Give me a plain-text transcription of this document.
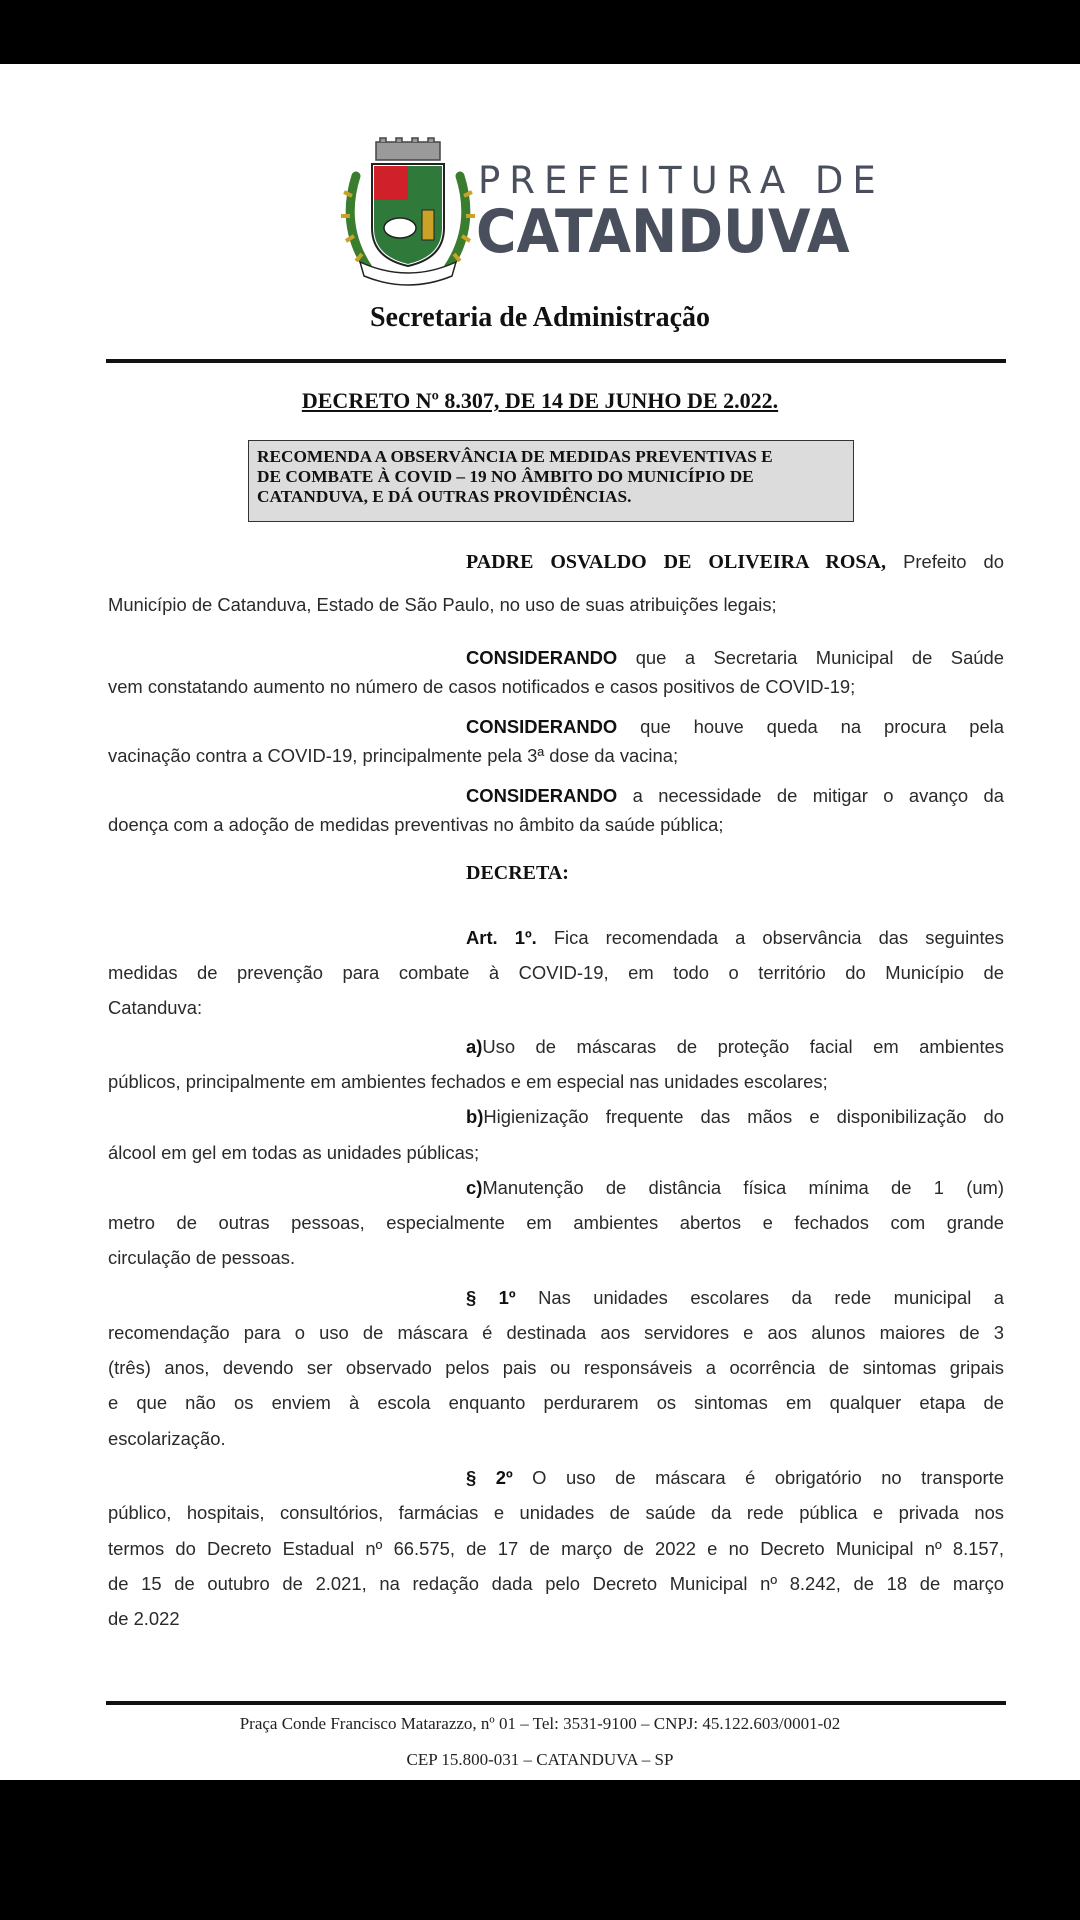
PREFEITURA DE
CATANDUVA
Secretaria de Administração
DECRETO Nº 8.307, DE 14 DE JUNHO DE 2.022.
RECOMENDA A OBSERVÂNCIA DE MEDIDAS PREVENTIVAS E
DE COMBATE À COVID – 19 NO ÂMBITO DO MUNICÍPIO DE
CATANDUVA, E DÁ OUTRAS PROVIDÊNCIAS.
PADRE OSVALDO DE OLIVEIRA ROSA, Prefeito do
Município de Catanduva, Estado de São Paulo, no uso de suas atribuições legais;
CONSIDERANDO que a Secretaria Municipal de Saúde
vem constatando aumento no número de casos notificados e casos positivos de COVID-19;
CONSIDERANDO que houve queda na procura pela
vacinação contra a COVID-19, principalmente pela 3ª dose da vacina;
CONSIDERANDO a necessidade de mitigar o avanço da
doença com a adoção de medidas preventivas no âmbito da saúde pública;
DECRETA:
Art. 1º. Fica recomendada a observância das seguintes
medidas de prevenção para combate à COVID-19, em todo o território do Município de
Catanduva:
a)Uso de máscaras de proteção facial em ambientes
públicos, principalmente em ambientes fechados e em especial nas unidades escolares;
b)Higienização frequente das mãos e disponibilização do
álcool em gel em todas as unidades públicas;
c)Manutenção de distância física mínima de 1 (um)
metro de outras pessoas, especialmente em ambientes abertos e fechados com grande
circulação de pessoas.
§ 1º Nas unidades escolares da rede municipal a
recomendação para o uso de máscara é destinada aos servidores e aos alunos maiores de 3
(três) anos, devendo ser observado pelos pais ou responsáveis a ocorrência de sintomas gripais
e que não os enviem à escola enquanto perdurarem os sintomas em qualquer etapa de
escolarização.
§ 2º O uso de máscara é obrigatório no transporte
público, hospitais, consultórios, farmácias e unidades de saúde da rede pública e privada nos
termos do Decreto Estadual nº 66.575, de 17 de março de 2022 e no Decreto Municipal nº 8.157,
de 15 de outubro de 2.021, na redação dada pelo Decreto Municipal nº 8.242, de 18 de março
de 2.022
Praça Conde Francisco Matarazzo, nº 01 – Tel: 3531-9100 – CNPJ: 45.122.603/0001-02
CEP 15.800-031 – CATANDUVA – SP
